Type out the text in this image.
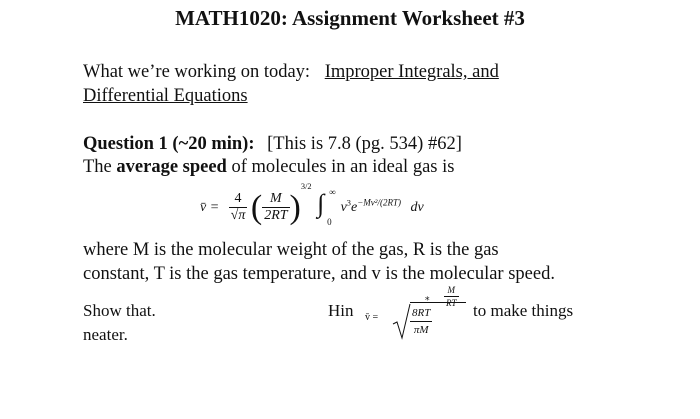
MATH1020: Assignment Worksheet #3
What we’re working on today: Improper Integrals, and
Differential Equations
Question 1 (~20 min): [This is 7.8 (pg. 534) #62]
The average speed of molecules in an ideal gas is
v̄ = $\frac{4}{√\pi}$ ( $\frac{M}{2RT} )^{3/2}$
∫ ∞
0
$v^3e^{-Mv^2/(2RT)}$ dv
where M is the molecular weight of the gas, R is the gas
constant, T is the gas temperature, and v is the molecular speed.
Show that.
neater.
Hin v̄ =	$\frac{8RT}{\pi M}$
⁎ $\frac{M}{RT}$
to make things
